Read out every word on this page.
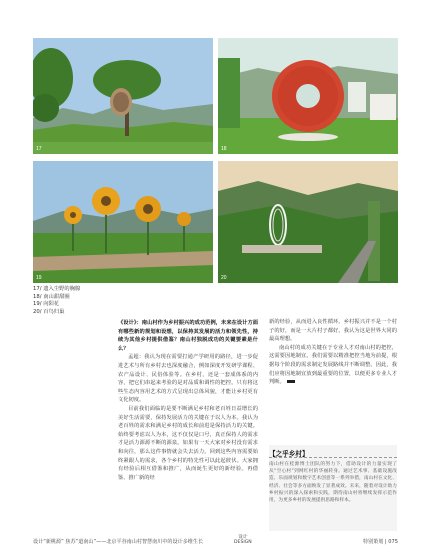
17	18
19	20
17/ 遗入尘野的胸腺
18/ 南山甜甜圈
19/ 向阳花
20/ 百鸟归巢

《设计》：南山村作为乡村振兴的成功范例，未来在设计方面有哪些新的规划和设想，以保持其发展的活力和领先性，持续为其他乡村提供借鉴？南山村独脱成功的关键要素是什么？

孟超：我认为现在需要打通产学研用的路径，进一步促进艺术与所有乡村去也深度融合，例如深度开发研学课程、农产品设计、民俗体验等。在乡村，还是一套成体系的内容，把它们串起来考验的是对品质和调性的把控。只有将这些生态内容用艺术的方式呈现出总体风貌，才能让乡村更有文化韧度。

目前我们面临的是要不断满足乡村和老百姓日益增长的美好生活需要，保持发展活力的关键在于以人为本。我认为老百姓的需求和满足乡村的成长和前进是保持活力的关键。始终要考虑以人为本，这不仅仅是口号，真正保持人的需求才是活力源源不断的源泉。如果有一天大家对乡村没有需求和向往，那么这件事情就会失去活力。回到这些内容需要始终紧跟人的需求，各个乡村的特先性可以此起彼伏。大家拥有经验后相互借鉴和推广，从而诞生更好的新经验。再借鉴、推广新的经

新的经验，从而进入良性循环。乡村振兴并不是一个村子的好，而是一大片村子都好。我认为这是世界大同的最高理想。

南山村的成功关键在于专业人才对南山村的把控，这需要因地制宜。我们需要以精准把控当地为前提，根据每个阶段的需求制定发展路线并不断调整。因此，我们应将因地制宜放到最重要的位置，以便更多专业人才判断。

【之乎乡村】
南山村在桂源博士团队的努力下，借助设计的力量实现了从“空心村”到网红村的华丽转身。通过艺术事、基础设施改造、乐面规划和数字艺术创意等一系列举措，南山村在文化、经济、社会等多方面焕发了显著成效。未来，随着对设计助力乡村振兴的深入探索和实践，期待南山村将继续发挥示范作用，为更多乡村的发展提供思路和样本。
设计“新桃源” 焦苏“道南山”——北京平谷南山村智慧南川中的设计多维生长
设计
DESIGN	特别策划 | 075
